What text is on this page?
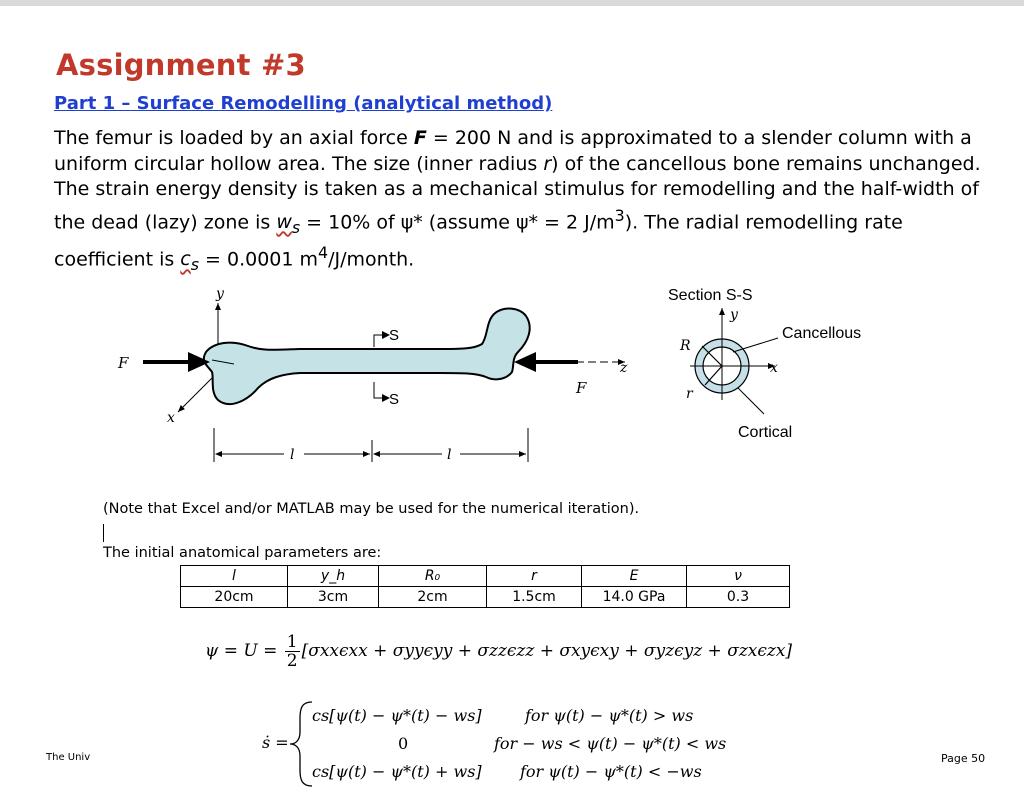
Assignment #3
Part 1 – Surface Remodelling (analytical method)
The femur is loaded by an axial force F = 200 N and is approximated to a slender column with a uniform circular hollow area. The size (inner radius r) of the cancellous bone remains unchanged. The strain energy density is taken as a mechanical stimulus for remodelling and the half-width of the dead (lazy) zone is $w_s = 10\%$ of ψ* (assume ψ* = 2 $J/m^3$). The radial remodelling rate coefficient is $c_s = 0.0001$ $m^4/J$/month.
y
x
z
F
F
S
S
l	l
Section S-S
y
x
R
r
Cancellous
Cortical
(Note that Excel and/or MATLAB may be used for the numerical iteration).
The initial anatomical parameters are:
l	y_h	R₀	r	E	ν
20cm	3cm	2cm	1.5cm	14.0 GPa	0.3
$\psi = U = \frac{1}{2} [\sigma xx\epsilon xx + \sigma yy\epsilon yy + \sigma zz\epsilon zz + \sigma xy\epsilon xy + \sigma yz\epsilon yz + \sigma zx\epsilon zx]$
ṡ =
cs[ψ(t) − ψ*(t) − ws]	for ψ(t) − ψ*(t) > ws
0	for − ws < ψ(t) − ψ*(t) < ws
cs[ψ(t) − ψ*(t) + ws] for ψ(t) − ψ*(t) < −ws
The Univ	Page 50
